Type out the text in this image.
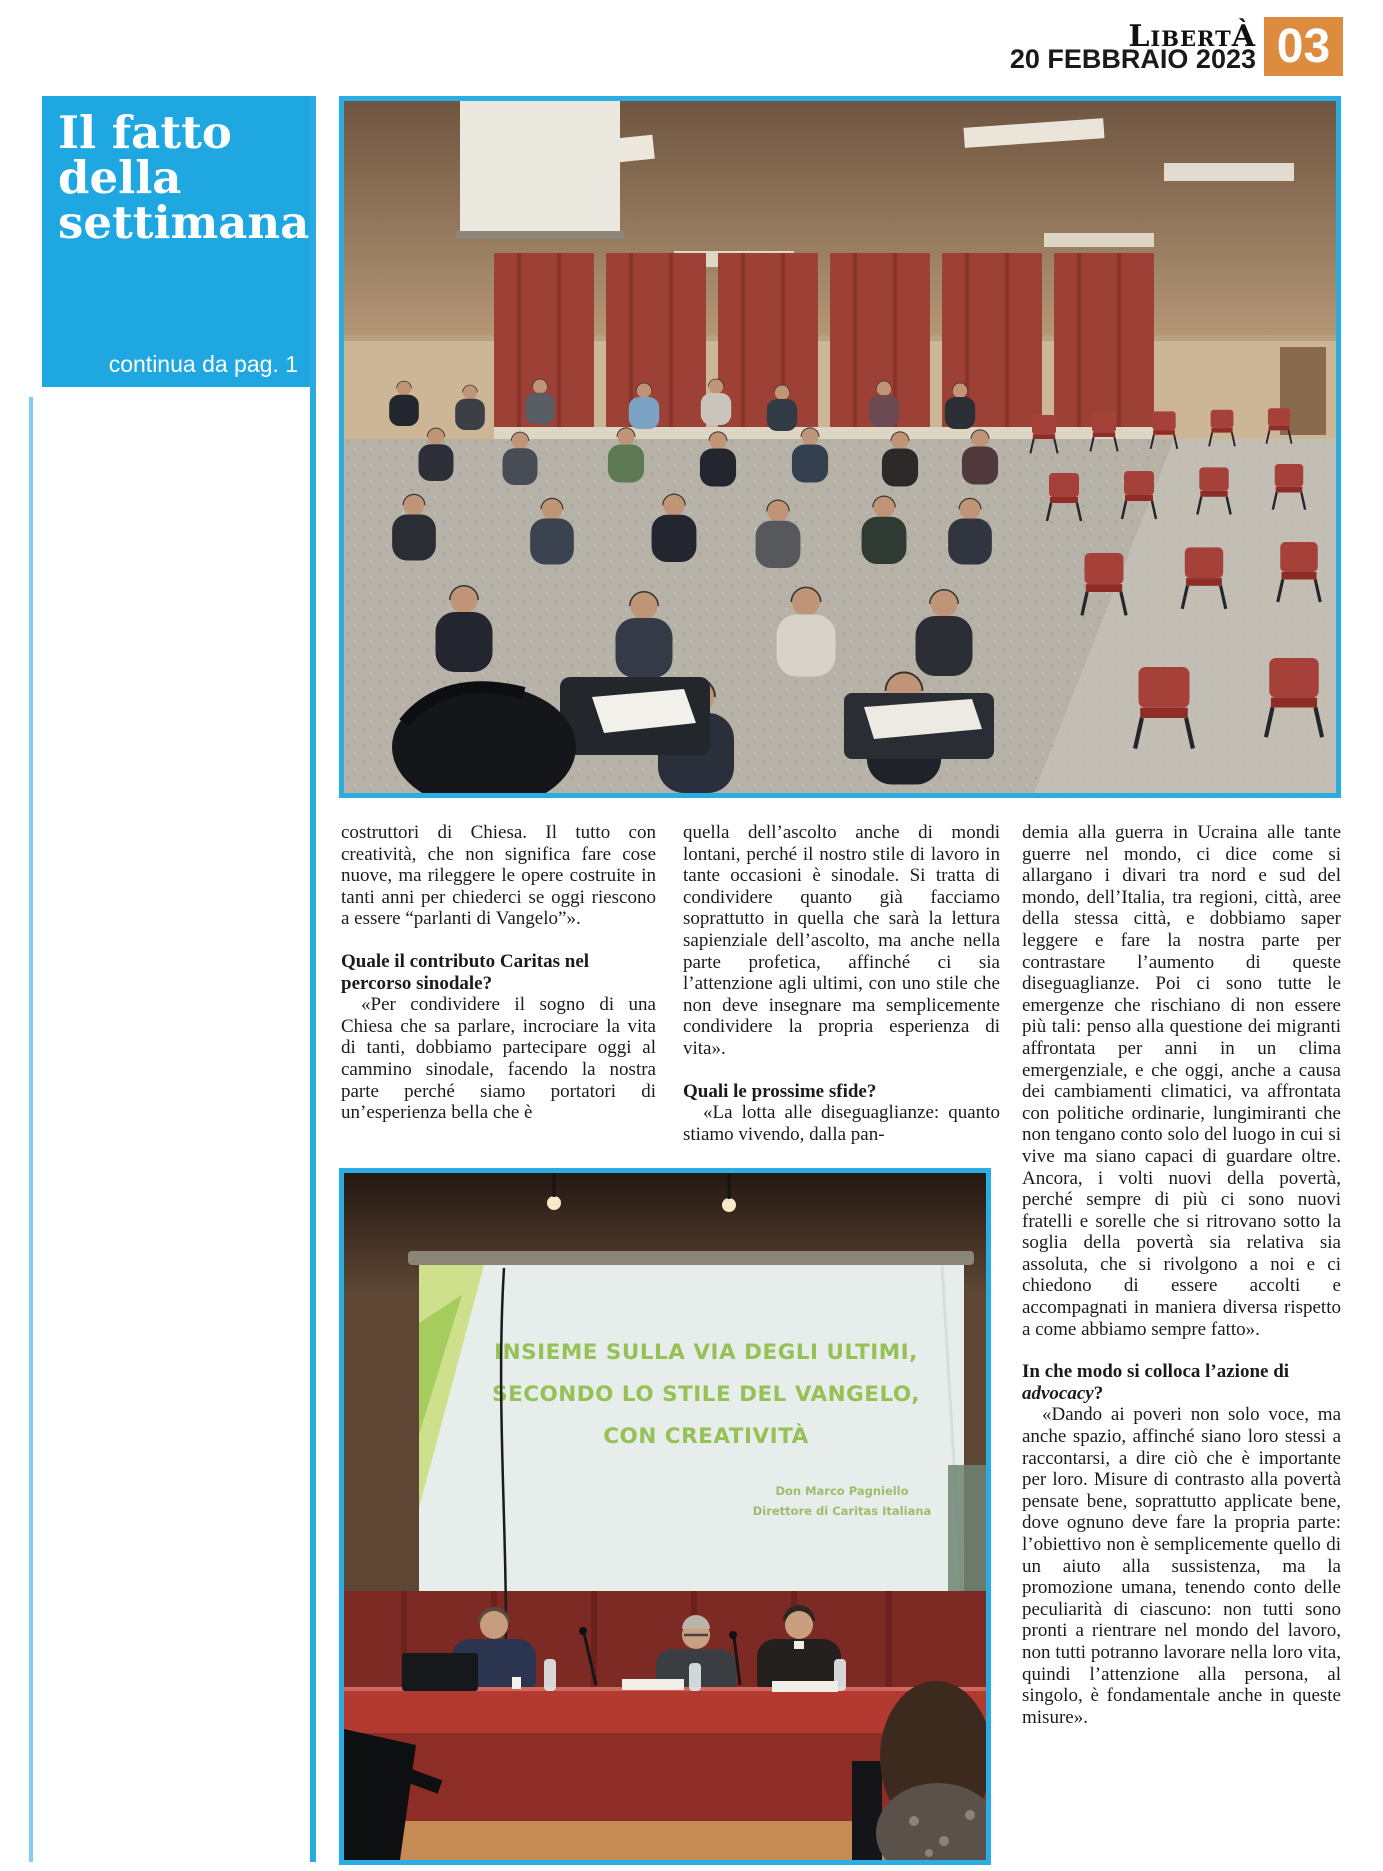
LibertÀ
20 FEBBRAIO 2023 03
Il fatto
della
settimana
continua da pag. 1

costruttori di Chiesa. Il tutto con creatività, che non significa fare cose nuove, ma rileggere le opere costruite in tanti anni per chiederci se oggi riescono a essere “parlanti di Vangelo”».

Quale il contributo Caritas nel percorso sinodale?

«Per condividere il sogno di una Chiesa che sa parlare, incrociare la vita di tanti, dobbiamo partecipare oggi al cammino sinodale, facendo la nostra parte perché siamo portatori di un’esperienza bella che è

quella dell’ascolto anche di mondi lontani, perché il nostro stile di lavoro in tante occasioni è sinodale. Si tratta di condividere quanto già facciamo soprattutto in quella che sarà la lettura sapienziale dell’ascolto, ma anche nella parte profetica, affinché ci sia l’attenzione agli ultimi, con uno stile che non deve insegnare ma semplicemente condividere la propria esperienza di vita».

Quali le prossime sfide?

«La lotta alle diseguaglianze: quanto stiamo vivendo, dalla pan-

demia alla guerra in Ucraina alle tante guerre nel mondo, ci dice come si allargano i divari tra nord e sud del mondo, dell’Italia, tra regioni, città, aree della stessa città, e dobbiamo saper leggere e fare la nostra parte per contrastare l’aumento di queste diseguaglianze. Poi ci sono tutte le emergenze che rischiano di non essere più tali: penso alla questione dei migranti affrontata per anni in un clima emergenziale, e che oggi, anche a causa dei cambiamenti climatici, va affrontata con politiche ordinarie, lungimiranti che non tengano conto solo del luogo in cui si vive ma siano capaci di guardare oltre. Ancora, i volti nuovi della povertà, perché sempre di più ci sono nuovi fratelli e sorelle che si ritrovano sotto la soglia della povertà sia relativa sia assoluta, che si rivolgono a noi e ci chiedono di essere accolti e accompagnati in maniera diversa rispetto a come abbiamo sempre fatto».

In che modo si colloca l’azione di advocacy?

«Dando ai poveri non solo voce, ma anche spazio, affinché siano loro stessi a raccontarsi, a dire ciò che è importante per loro. Misure di contrasto alla povertà pensate bene, soprattutto applicate bene, dove ognuno deve fare la propria parte: l’obiettivo non è semplicemente quello di un aiuto alla sussistenza, ma la promozione umana, tenendo conto delle peculiarità di ciascuno: non tutti sono pronti a rientrare nel mondo del lavoro, non tutti potranno lavorare nella loro vita, quindi l’attenzione alla persona, al singolo, è fondamentale anche in queste misure».

INSIEME SULLA VIA DEGLI ULTIMI,
SECONDO LO STILE DEL VANGELO,
CON CREATIVITÀ
Don Marco Pagniello
Direttore di Caritas Italiana
